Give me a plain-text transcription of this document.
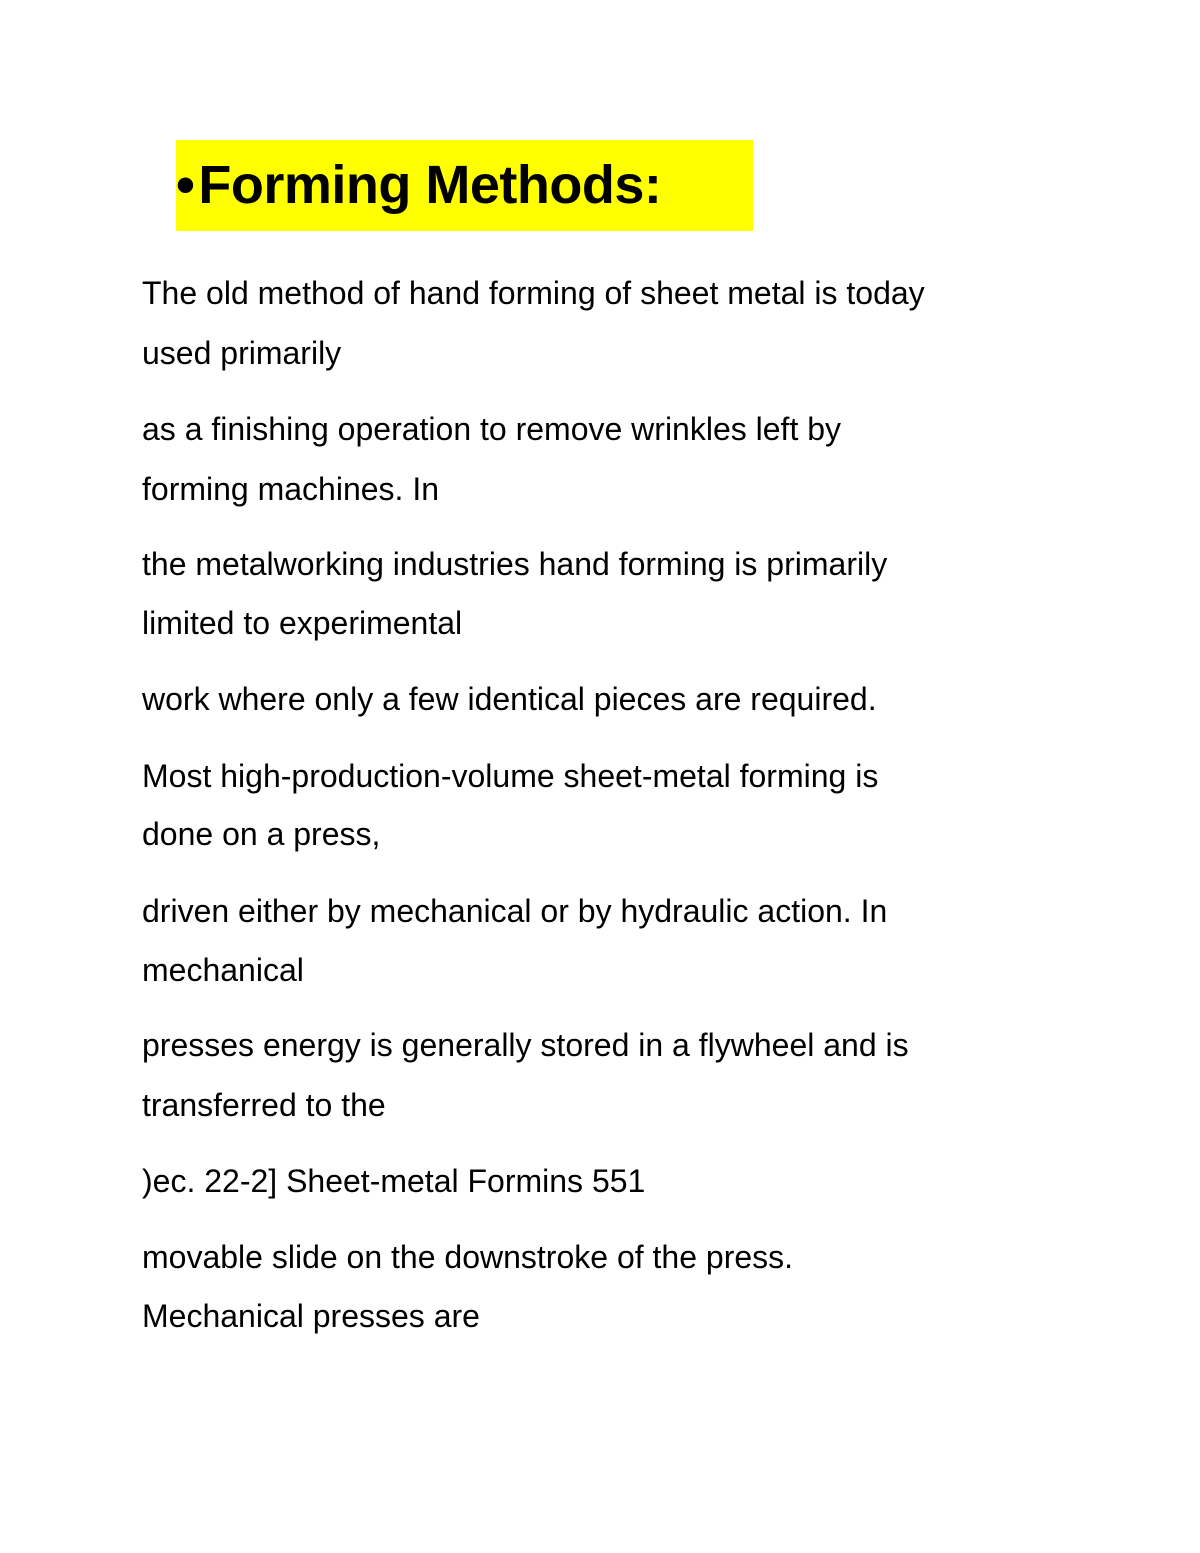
•Forming Methods:
The old method of hand forming of sheet metal is today
used primarily
as a finishing operation to remove wrinkles left by
forming machines. In
the metalworking industries hand forming is primarily
limited to experimental
work where only a few identical pieces are required.
Most high-production-volume sheet-metal forming is
done on a press,
driven either by mechanical or by hydraulic action. In
mechanical
presses energy is generally stored in a flywheel and is
transferred to the
)ec. 22-2] Sheet-metal Formins 551
movable slide on the downstroke of the press.
Mechanical presses are
